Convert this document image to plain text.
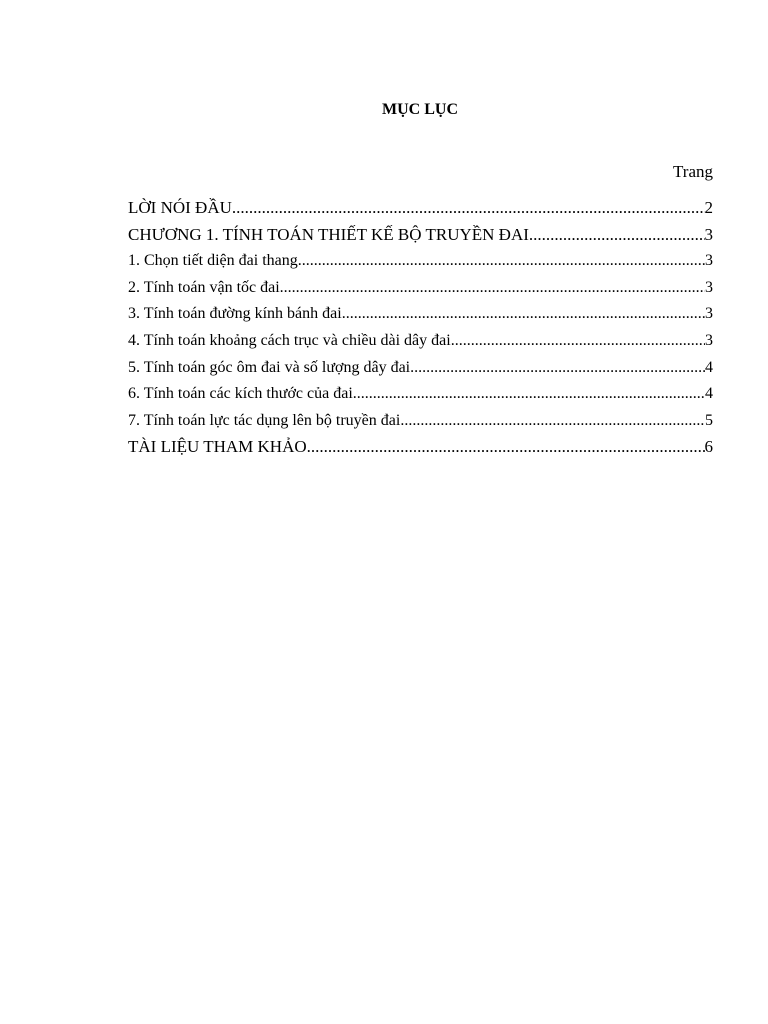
MỤC LỤC
Trang
LỜI NÓI ĐẦU .....	2
CHƯƠNG 1. TÍNH TOÁN THIẾT KẾ BỘ TRUYỀN ĐAI .....	3
1. Chọn tiết diện đai thang .....	3
2. Tính toán vận tốc đai .....	3
3. Tính toán đường kính bánh đai .....	3
4. Tính toán khoảng cách trục và chiều dài dây đai .....	3
5. Tính toán góc ôm đai và số lượng dây đai .....	4
6. Tính toán các kích thước của đai .....	4
7. Tính toán lực tác dụng lên bộ truyền đai .....	5
TÀI LIỆU THAM KHẢO .....	6
